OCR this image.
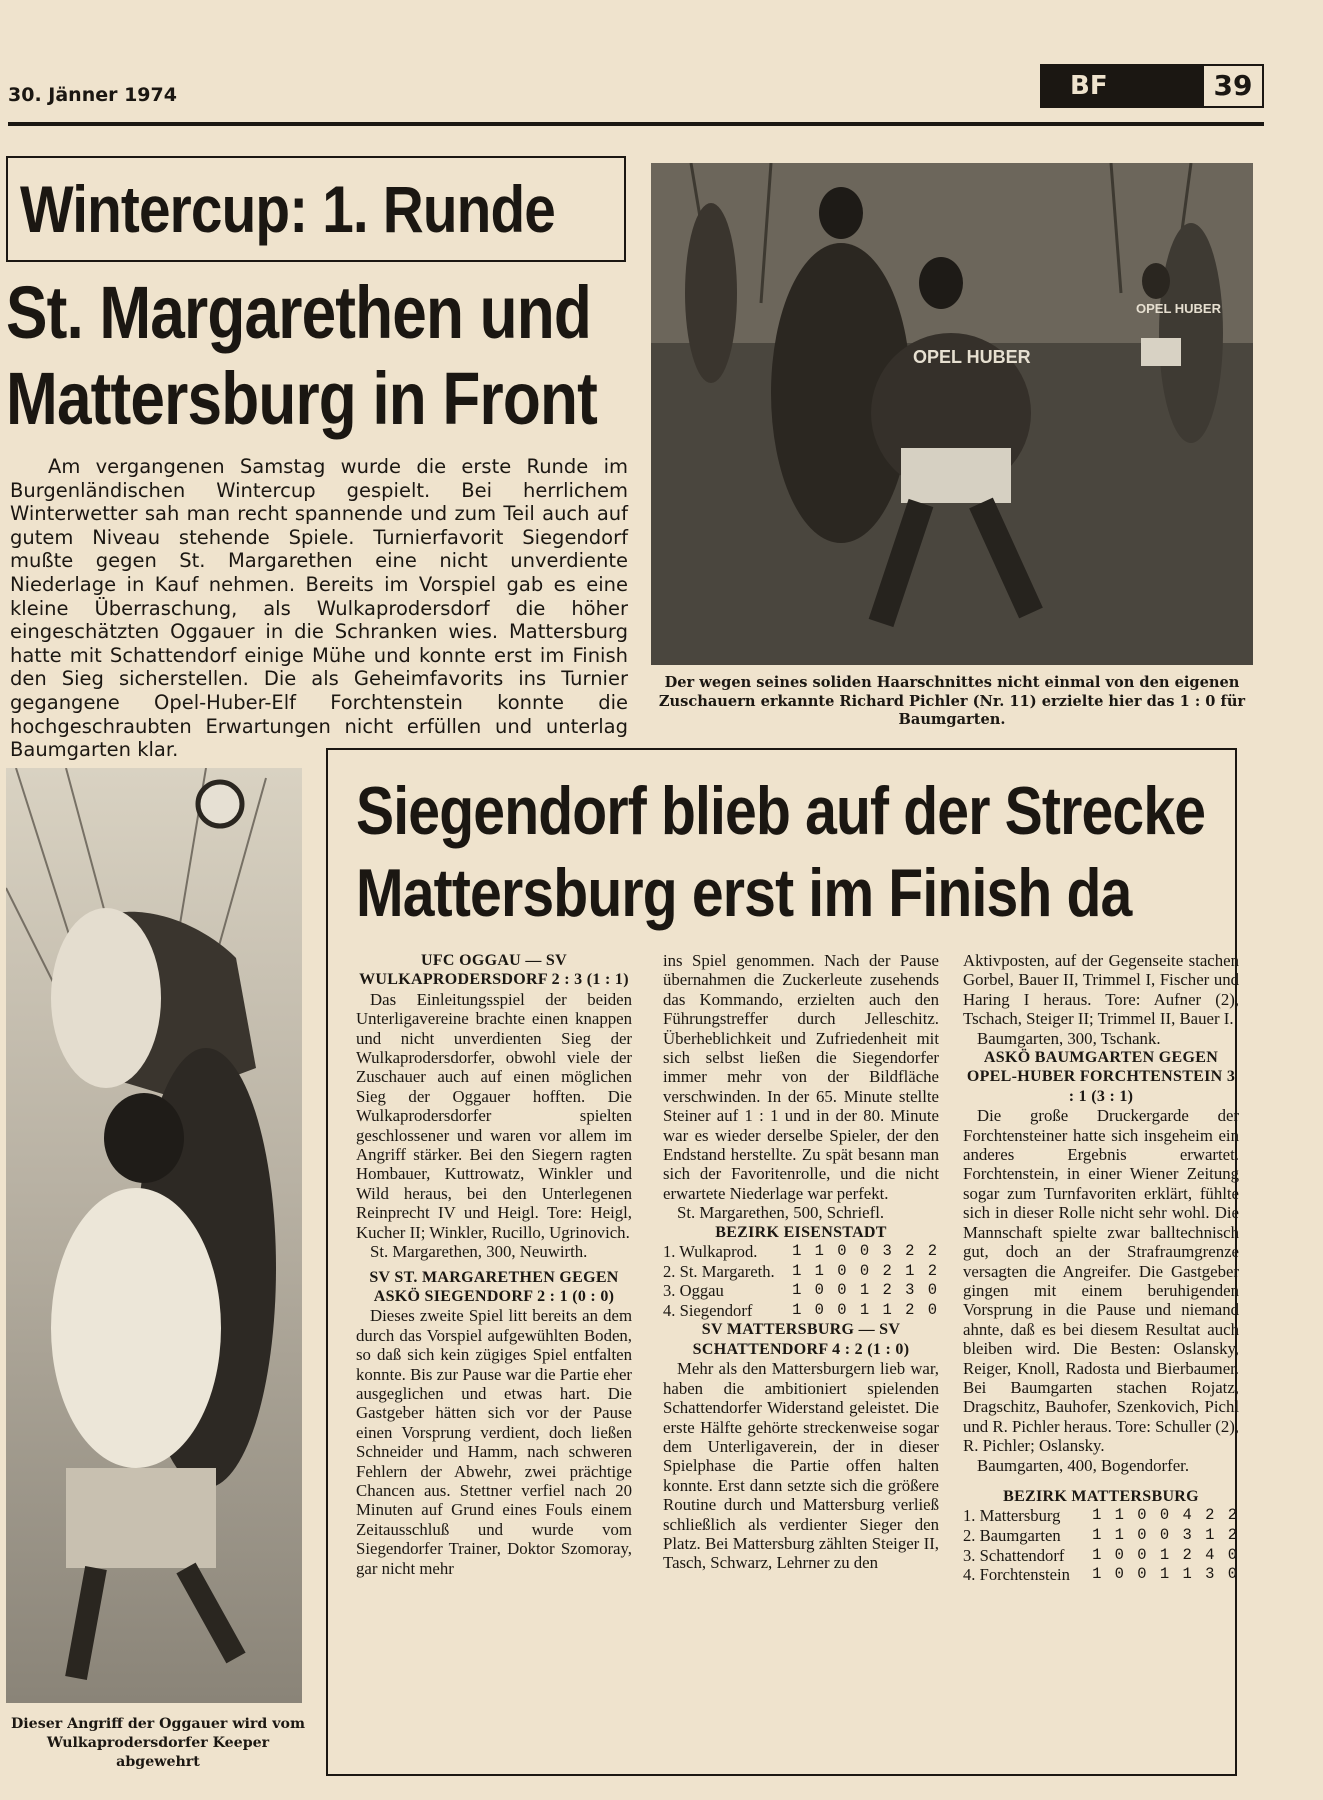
30. Jänner 1974	BF	39
Wintercup: 1. Runde
St. Margarethen und
Mattersburg in Front
Am vergangenen Samstag wurde die erste Runde im Burgenländischen Wintercup gespielt. Bei herrlichem Winterwetter sah man recht spannende und zum Teil auch auf gutem Niveau stehende Spiele. Turnierfavorit Siegendorf mußte gegen St. Margarethen eine nicht unverdiente Niederlage in Kauf nehmen. Bereits im Vorspiel gab es eine kleine Überraschung, als Wulkaprodersdorf die höher eingeschätzten Oggauer in die Schranken wies. Mattersburg hatte mit Schattendorf einige Mühe und konnte erst im Finish den Sieg sicherstellen. Die als Geheimfavorits ins Turnier gegangene Opel-Huber-Elf Forchtenstein konnte die hochgeschraubten Erwartungen nicht erfüllen und unterlag Baumgarten klar.
OPEL HUBER
OPEL HUBER
Der wegen seines soliden Haarschnittes nicht einmal von den eigenen Zuschauern erkannte Richard Pichler (Nr. 11) erzielte hier das 1 : 0 für Baumgarten.
Dieser Angriff der Oggauer wird vom Wulkaprodersdorfer Keeper abgewehrt
Siegendorf blieb auf der Strecke
Mattersburg erst im Finish da
UFC OGGAU — SV WULKAPRODERSDORF 2 : 3 (1 : 1)

Das Einleitungsspiel der beiden Unterligavereine brachte einen knappen und nicht unverdienten Sieg der Wulkaprodersdorfer, obwohl viele der Zuschauer auch auf einen möglichen Sieg der Oggauer hofften. Die Wulkaprodersdorfer spielten geschlossener und waren vor allem im Angriff stärker. Bei den Siegern ragten Hombauer, Kuttrowatz, Winkler und Wild heraus, bei den Unterlegenen Reinprecht IV und Heigl. Tore: Heigl, Kucher II; Winkler, Rucillo, Ugrinovich.

St. Margarethen, 300, Neuwirth.

SV ST. MARGARETHEN GEGEN ASKÖ SIEGENDORF 2 : 1 (0 : 0)

Dieses zweite Spiel litt bereits an dem durch das Vorspiel aufgewühlten Boden, so daß sich kein zügiges Spiel entfalten konnte. Bis zur Pause war die Partie eher ausgeglichen und etwas hart. Die Gastgeber hätten sich vor der Pause einen Vorsprung verdient, doch ließen Schneider und Hamm, nach schweren Fehlern der Abwehr, zwei prächtige Chancen aus. Stettner verfiel nach 20 Minuten auf Grund eines Fouls einem Zeitausschluß und wurde vom Siegendorfer Trainer, Doktor Szomoray, gar nicht mehr

ins Spiel genommen. Nach der Pause übernahmen die Zuckerleute zusehends das Kommando, erzielten auch den Führungstreffer durch Jelleschitz. Überheblichkeit und Zufriedenheit mit sich selbst ließen die Siegendorfer immer mehr von der Bildfläche verschwinden. In der 65. Minute stellte Steiner auf 1 : 1 und in der 80. Minute war es wieder derselbe Spieler, der den Endstand herstellte. Zu spät besann man sich der Favoritenrolle, und die nicht erwartete Niederlage war perfekt.

St. Margarethen, 500, Schriefl.

BEZIRK EISENSTADT
1. Wulkaprod.	1 1 0 0 3 2 2
2. St. Margareth.	1 1 0 0 2 1 2
3. Oggau	1 0 0 1 2 3 0
4. Siegendorf	1 0 0 1 1 2 0
SV MATTERSBURG — SV SCHATTENDORF 4 : 2 (1 : 0)

Mehr als den Mattersburgern lieb war, haben die ambitioniert spielenden Schattendorfer Widerstand geleistet. Die erste Hälfte gehörte streckenweise sogar dem Unterligaverein, der in dieser Spielphase die Partie offen halten konnte. Erst dann setzte sich die größere Routine durch und Mattersburg verließ schließlich als verdienter Sieger den Platz. Bei Mattersburg zählten Steiger II, Tasch, Schwarz, Lehrner zu den

Aktivposten, auf der Gegenseite stachen Gorbel, Bauer II, Trimmel I, Fischer und Haring I heraus. Tore: Aufner (2), Tschach, Steiger II; Trimmel II, Bauer I.

Baumgarten, 300, Tschank.

ASKÖ BAUMGARTEN GEGEN OPEL-HUBER FORCHTENSTEIN 3 : 1 (3 : 1)

Die große Druckergarde der Forchtensteiner hatte sich insgeheim ein anderes Ergebnis erwartet. Forchtenstein, in einer Wiener Zeitung sogar zum Turnfavoriten erklärt, fühlte sich in dieser Rolle nicht sehr wohl. Die Mannschaft spielte zwar balltechnisch gut, doch an der Strafraumgrenze versagten die Angreifer. Die Gastgeber gingen mit einem beruhigenden Vorsprung in die Pause und niemand ahnte, daß es bei diesem Resultat auch bleiben wird. Die Besten: Oslansky, Reiger, Knoll, Radosta und Bierbaumer. Bei Baumgarten stachen Rojatz, Dragschitz, Bauhofer, Szenkovich, Pichl und R. Pichler heraus. Tore: Schuller (2), R. Pichler; Oslansky.

Baumgarten, 400, Bogendorfer.

BEZIRK MATTERSBURG
1. Mattersburg	1 1 0 0 4 2 2
2. Baumgarten	1 1 0 0 3 1 2
3. Schattendorf	1 0 0 1 2 4 0
4. Forchtenstein	1 0 0 1 1 3 0
